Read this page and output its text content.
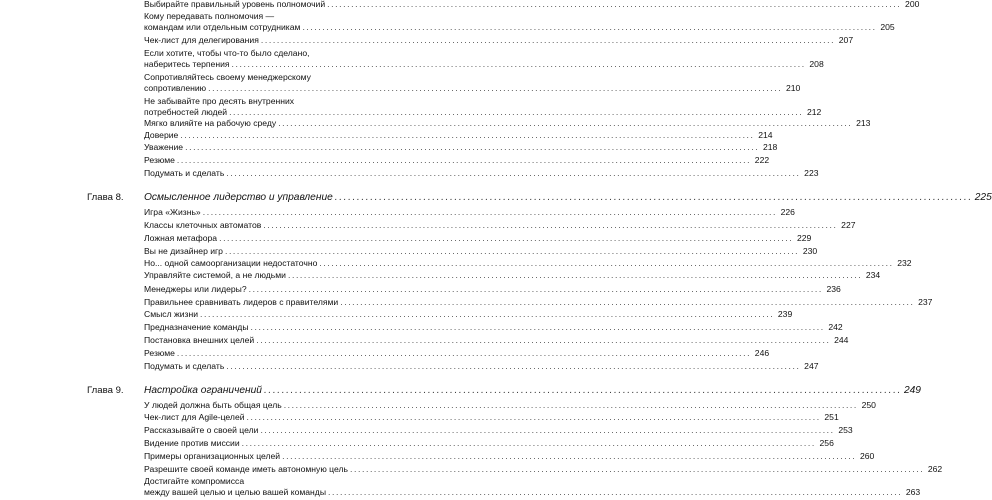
Выбирайте правильный уровень полномочий ................................................................................................................................................ 200
Кому передавать полномочия —
командам или отдельным сотрудникам ................................................................................................................................................ 205
Чек-лист для делегирования ................................................................................................................................................ 207
Если хотите, чтобы что-то было сделано,
наберитесь терпения ................................................................................................................................................ 208
Сопротивляйтесь своему менеджерскому
сопротивлению ................................................................................................................................................ 210
Не забывайте про десять внутренних
потребностей людей ................................................................................................................................................ 212
Мягко влияйте на рабочую среду ................................................................................................................................................ 213
Доверие ................................................................................................................................................ 214
Уважение ................................................................................................................................................ 218
Резюме ................................................................................................................................................ 222
Подумать и сделать ................................................................................................................................................ 223
Глава 8. Осмысленное лидерство и управление ................................................................................................................................................ 225
Игра «Жизнь» ................................................................................................................................................ 226
Классы клеточных автоматов ................................................................................................................................................ 227
Ложная метафора ................................................................................................................................................ 229
Вы не дизайнер игр ................................................................................................................................................ 230
Но... одной самоорганизации недостаточно ................................................................................................................................................ 232
Управляйте системой, а не людьми ................................................................................................................................................ 234
Менеджеры или лидеры? ................................................................................................................................................ 236
Правильнее сравнивать лидеров с правителями ................................................................................................................................................ 237
Смысл жизни ................................................................................................................................................ 239
Предназначение команды ................................................................................................................................................ 242
Постановка внешних целей ................................................................................................................................................ 244
Резюме ................................................................................................................................................ 246
Подумать и сделать ................................................................................................................................................ 247
Глава 9. Настройка ограничений ................................................................................................................................................ 249
У людей должна быть общая цель ................................................................................................................................................ 250
Чек-лист для Agile-целей ................................................................................................................................................ 251
Рассказывайте о своей цели ................................................................................................................................................ 253
Видение против миссии ................................................................................................................................................ 256
Примеры организационных целей ................................................................................................................................................ 260
Разрешите своей команде иметь автономную цель ................................................................................................................................................ 262
Достигайте компромисса
между вашей целью и целью вашей команды ................................................................................................................................................ 263
